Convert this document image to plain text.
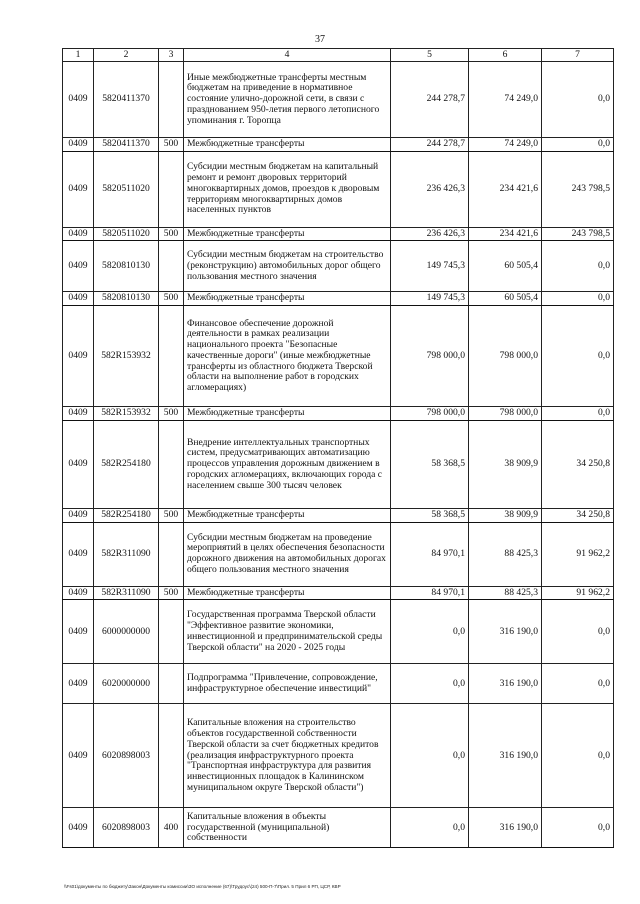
37
1	2	3	4	5	6	7
0409	5820411370		Иные межбюджетные трансферты местным бюджетам на приведение в нормативное состояние улично-дорожной сети, в связи с празднованием 950-летия первого летописного упоминания г. Торопца	244 278,7	74 249,0	0,0
0409	5820411370	500	Межбюджетные трансферты	244 278,7	74 249,0	0,0
0409	5820511020		Субсидии местным бюджетам на капитальный ремонт и ремонт дворовых территорий многоквартирных домов, проездов к дворовым территориям многоквартирных домов населенных пунктов	236 426,3	234 421,6	243 798,5
0409	5820511020	500	Межбюджетные трансферты	236 426,3	234 421,6	243 798,5
0409	5820810130		Субсидии местным бюджетам на строительство (реконструкцию) автомобильных дорог общего пользования местного значения	149 745,3	60 505,4	0,0
0409	5820810130	500	Межбюджетные трансферты	149 745,3	60 505,4	0,0
0409	582R153932		Финансовое обеспечение дорожной деятельности в рамках реализации национального проекта "Безопасные качественные дороги" (иные межбюджетные трансферты из областного бюджета Тверской области на выполнение работ в городских агломерациях)	798 000,0	798 000,0	0,0
0409	582R153932	500	Межбюджетные трансферты	798 000,0	798 000,0	0,0
0409	582R254180		Внедрение интеллектуальных транспортных систем, предусматривающих автоматизацию процессов управления дорожным движением в городских агломерациях, включающих города с населением свыше 300 тысяч человек	58 368,5	38 909,9	34 250,8
0409	582R254180	500	Межбюджетные трансферты	58 368,5	38 909,9	34 250,8
0409	582R311090		Субсидии местным бюджетам на проведение мероприятий в целях обеспечения безопасности дорожного движения на автомобильных дорогах общего пользования местного значения	84 970,1	88 425,3	91 962,2
0409	582R311090	500	Межбюджетные трансферты	84 970,1	88 425,3	91 962,2
0409	6000000000		Государственная программа Тверской области "Эффективное развитие экономики, инвестиционной и предпринимательской среды Тверской области" на 2020 - 2025 годы	0,0	316 190,0	0,0
0409	6020000000		Подпрограмма "Привлечение, сопровождение, инфраструктурное обеспечение инвестиций"	0,0	316 190,0	0,0
0409	6020898003		Капитальные вложения на строительство объектов государственной собственности Тверской области за счет бюджетных кредитов (реализация инфраструктурного проекта "Транспортная инфраструктура для развития инвестиционных площадок в Калининском муниципальном округе Тверской области")	0,0	316 190,0	0,0
0409	6020898003	400	Капитальные вложения в объекты государственной (муниципальной) собственности	0,0	316 190,0	0,0
\\Fs01\документы по бюджету\Закон\Документы комиссии\ЗО исполнение (67)\Трудоус\(24) 500-П-7\Прил. 5 Прил 6 РП, ЦСР, КВР
